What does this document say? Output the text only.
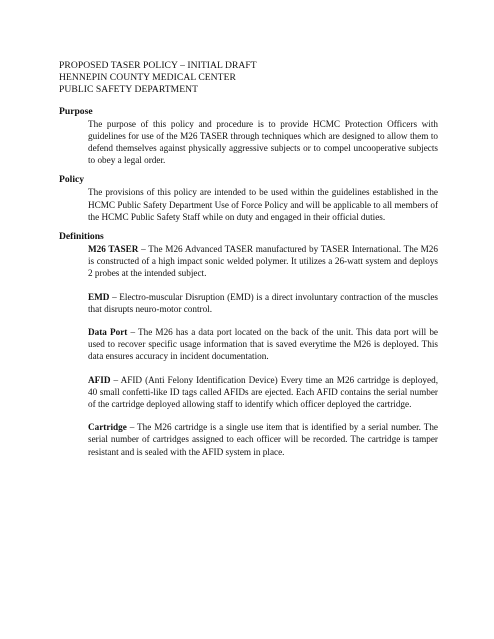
PROPOSED TASER POLICY – INITIAL DRAFT
HENNEPIN COUNTY MEDICAL CENTER
PUBLIC SAFETY DEPARTMENT
Purpose

The purpose of this policy and procedure is to provide HCMC Protection Officers with guidelines for use of the M26 TASER through techniques which are designed to allow them to defend themselves against physically aggressive subjects or to compel uncooperative subjects to obey a legal order.

Policy

The provisions of this policy are intended to be used within the guidelines established in the HCMC Public Safety Department Use of Force Policy and will be applicable to all members of the HCMC Public Safety Staff while on duty and engaged in their official duties.

Definitions

M26 TASER – The M26 Advanced TASER manufactured by TASER International. The M26 is constructed of a high impact sonic welded polymer. It utilizes a 26-watt system and deploys 2 probes at the intended subject.

EMD – Electro-muscular Disruption (EMD) is a direct involuntary contraction of the muscles that disrupts neuro-motor control.

Data Port – The M26 has a data port located on the back of the unit. This data port will be used to recover specific usage information that is saved everytime the M26 is deployed. This data ensures accuracy in incident documentation.

AFID – AFID (Anti Felony Identification Device) Every time an M26 cartridge is deployed, 40 small confetti-like ID tags called AFIDs are ejected. Each AFID contains the serial number of the cartridge deployed allowing staff to identify which officer deployed the cartridge.

Cartridge – The M26 cartridge is a single use item that is identified by a serial number. The serial number of cartridges assigned to each officer will be recorded. The cartridge is tamper resistant and is sealed with the AFID system in place.
